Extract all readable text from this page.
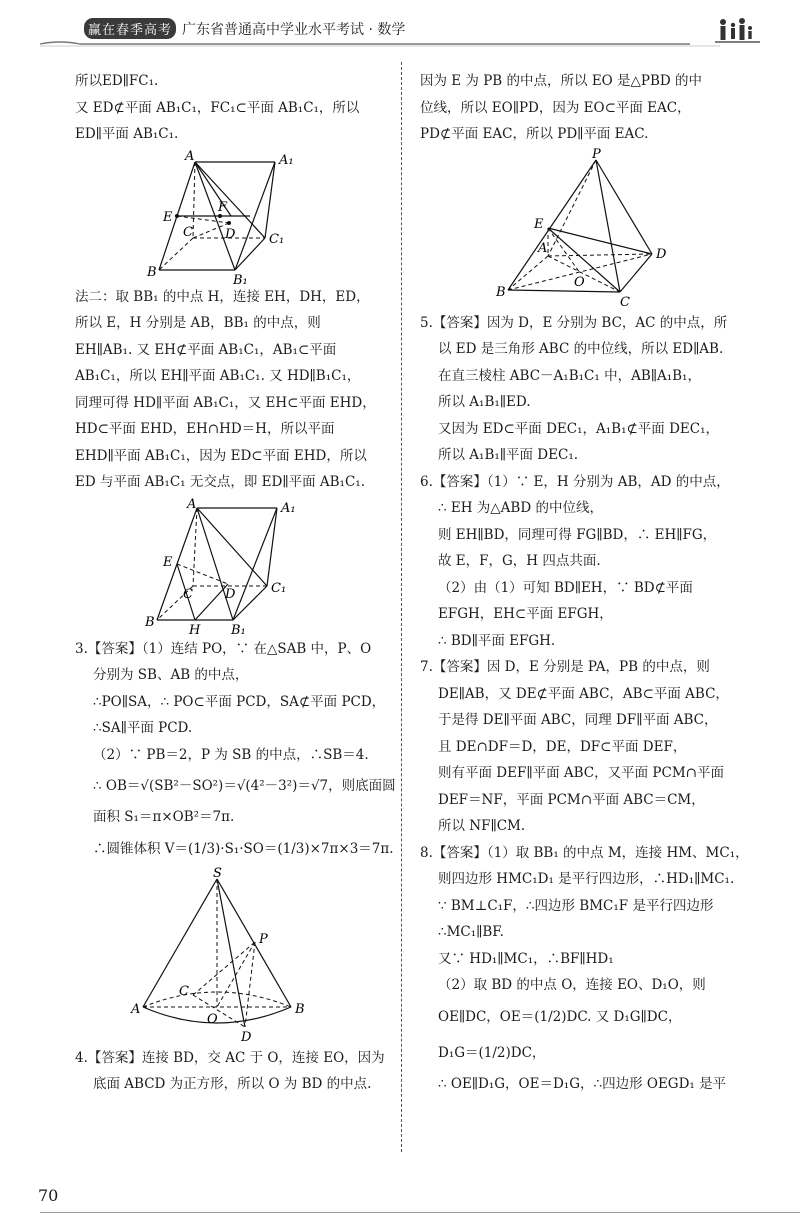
赢在春季高考 广东省普通高中学业水平考试 · 数学
所以ED∥FC₁.
又 ED⊄平面 AB₁C₁，FC₁⊂平面 AB₁C₁，所以
ED∥平面 AB₁C₁.
A	A₁
E
F
C D	C₁
B
B₁
法二：取 BB₁ 的中点 H，连接 EH，DH，ED，
所以 E，H 分别是 AB，BB₁ 的中点，则
EH∥AB₁. 又 EH⊄平面 AB₁C₁，AB₁⊂平面
AB₁C₁，所以 EH∥平面 AB₁C₁. 又 HD∥B₁C₁，
同理可得 HD∥平面 AB₁C₁，又 EH⊂平面 EHD，
HD⊂平面 EHD，EH∩HD＝H，所以平面
EHD∥平面 AB₁C₁，因为 ED⊂平面 EHD，所以
ED 与平面 AB₁C₁ 无交点，即 ED∥平面 AB₁C₁.
A	A₁
E
C D	C₁
B
H B₁
3.【答案】（1）连结 PO，∵ 在△SAB 中，P、O
分别为 SB、AB 的中点，
∴PO∥SA，∴ PO⊂平面 PCD，SA⊄平面 PCD，
∴SA∥平面 PCD.
（2）∵ PB＝2，P 为 SB 的中点，∴SB＝4.
∴ OB＝√(SB²－SO²)＝√(4²－3²)＝√7，则底面圆
面积 S₁＝π×OB²＝7π.
∴圆锥体积 V＝(1/3)·S₁·SO＝(1/3)×7π×3＝7π.
S
P
C
A
O
B
D
4.【答案】连接 BD，交 AC 于 O，连接 EO，因为
底面 ABCD 为正方形，所以 O 为 BD 的中点.
因为 E 为 PB 的中点，所以 EO 是△PBD 的中
位线，所以 EO∥PD，因为 EO⊂平面 EAC，
PD⊄平面 EAC，所以 PD∥平面 EAC.
P
E
A	D
O
B
C
5.【答案】因为 D，E 分别为 BC，AC 的中点，所
以 ED 是三角形 ABC 的中位线，所以 ED∥AB.
在直三棱柱 ABC－A₁B₁C₁ 中，AB∥A₁B₁，
所以 A₁B₁∥ED.
又因为 ED⊂平面 DEC₁，A₁B₁⊄平面 DEC₁，
所以 A₁B₁∥平面 DEC₁.
6.【答案】（1）∵ E，H 分别为 AB，AD 的中点，
∴ EH 为△ABD 的中位线，
则 EH∥BD，同理可得 FG∥BD，∴ EH∥FG，
故 E，F，G，H 四点共面.
（2）由（1）可知 BD∥EH，∵ BD⊄平面
EFGH，EH⊂平面 EFGH，
∴ BD∥平面 EFGH.
7.【答案】因 D，E 分别是 PA，PB 的中点，则
DE∥AB，又 DE⊄平面 ABC，AB⊂平面 ABC，
于是得 DE∥平面 ABC，同理 DF∥平面 ABC，
且 DE∩DF＝D，DE，DF⊂平面 DEF，
则有平面 DEF∥平面 ABC，又平面 PCM∩平面
DEF＝NF，平面 PCM∩平面 ABC＝CM，
所以 NF∥CM.
8.【答案】（1）取 BB₁ 的中点 M，连接 HM、MC₁，
则四边形 HMC₁D₁ 是平行四边形，∴HD₁∥MC₁.
∵ BM⊥C₁F，∴四边形 BMC₁F 是平行四边形
∴MC₁∥BF.
又∵ HD₁∥MC₁，∴BF∥HD₁
（2）取 BD 的中点 O，连接 EO、D₁O，则
OE∥DC，OE＝(1/2)DC. 又 D₁G∥DC，
D₁G＝(1/2)DC，
∴ OE∥D₁G，OE＝D₁G，∴四边形 OEGD₁ 是平
70
